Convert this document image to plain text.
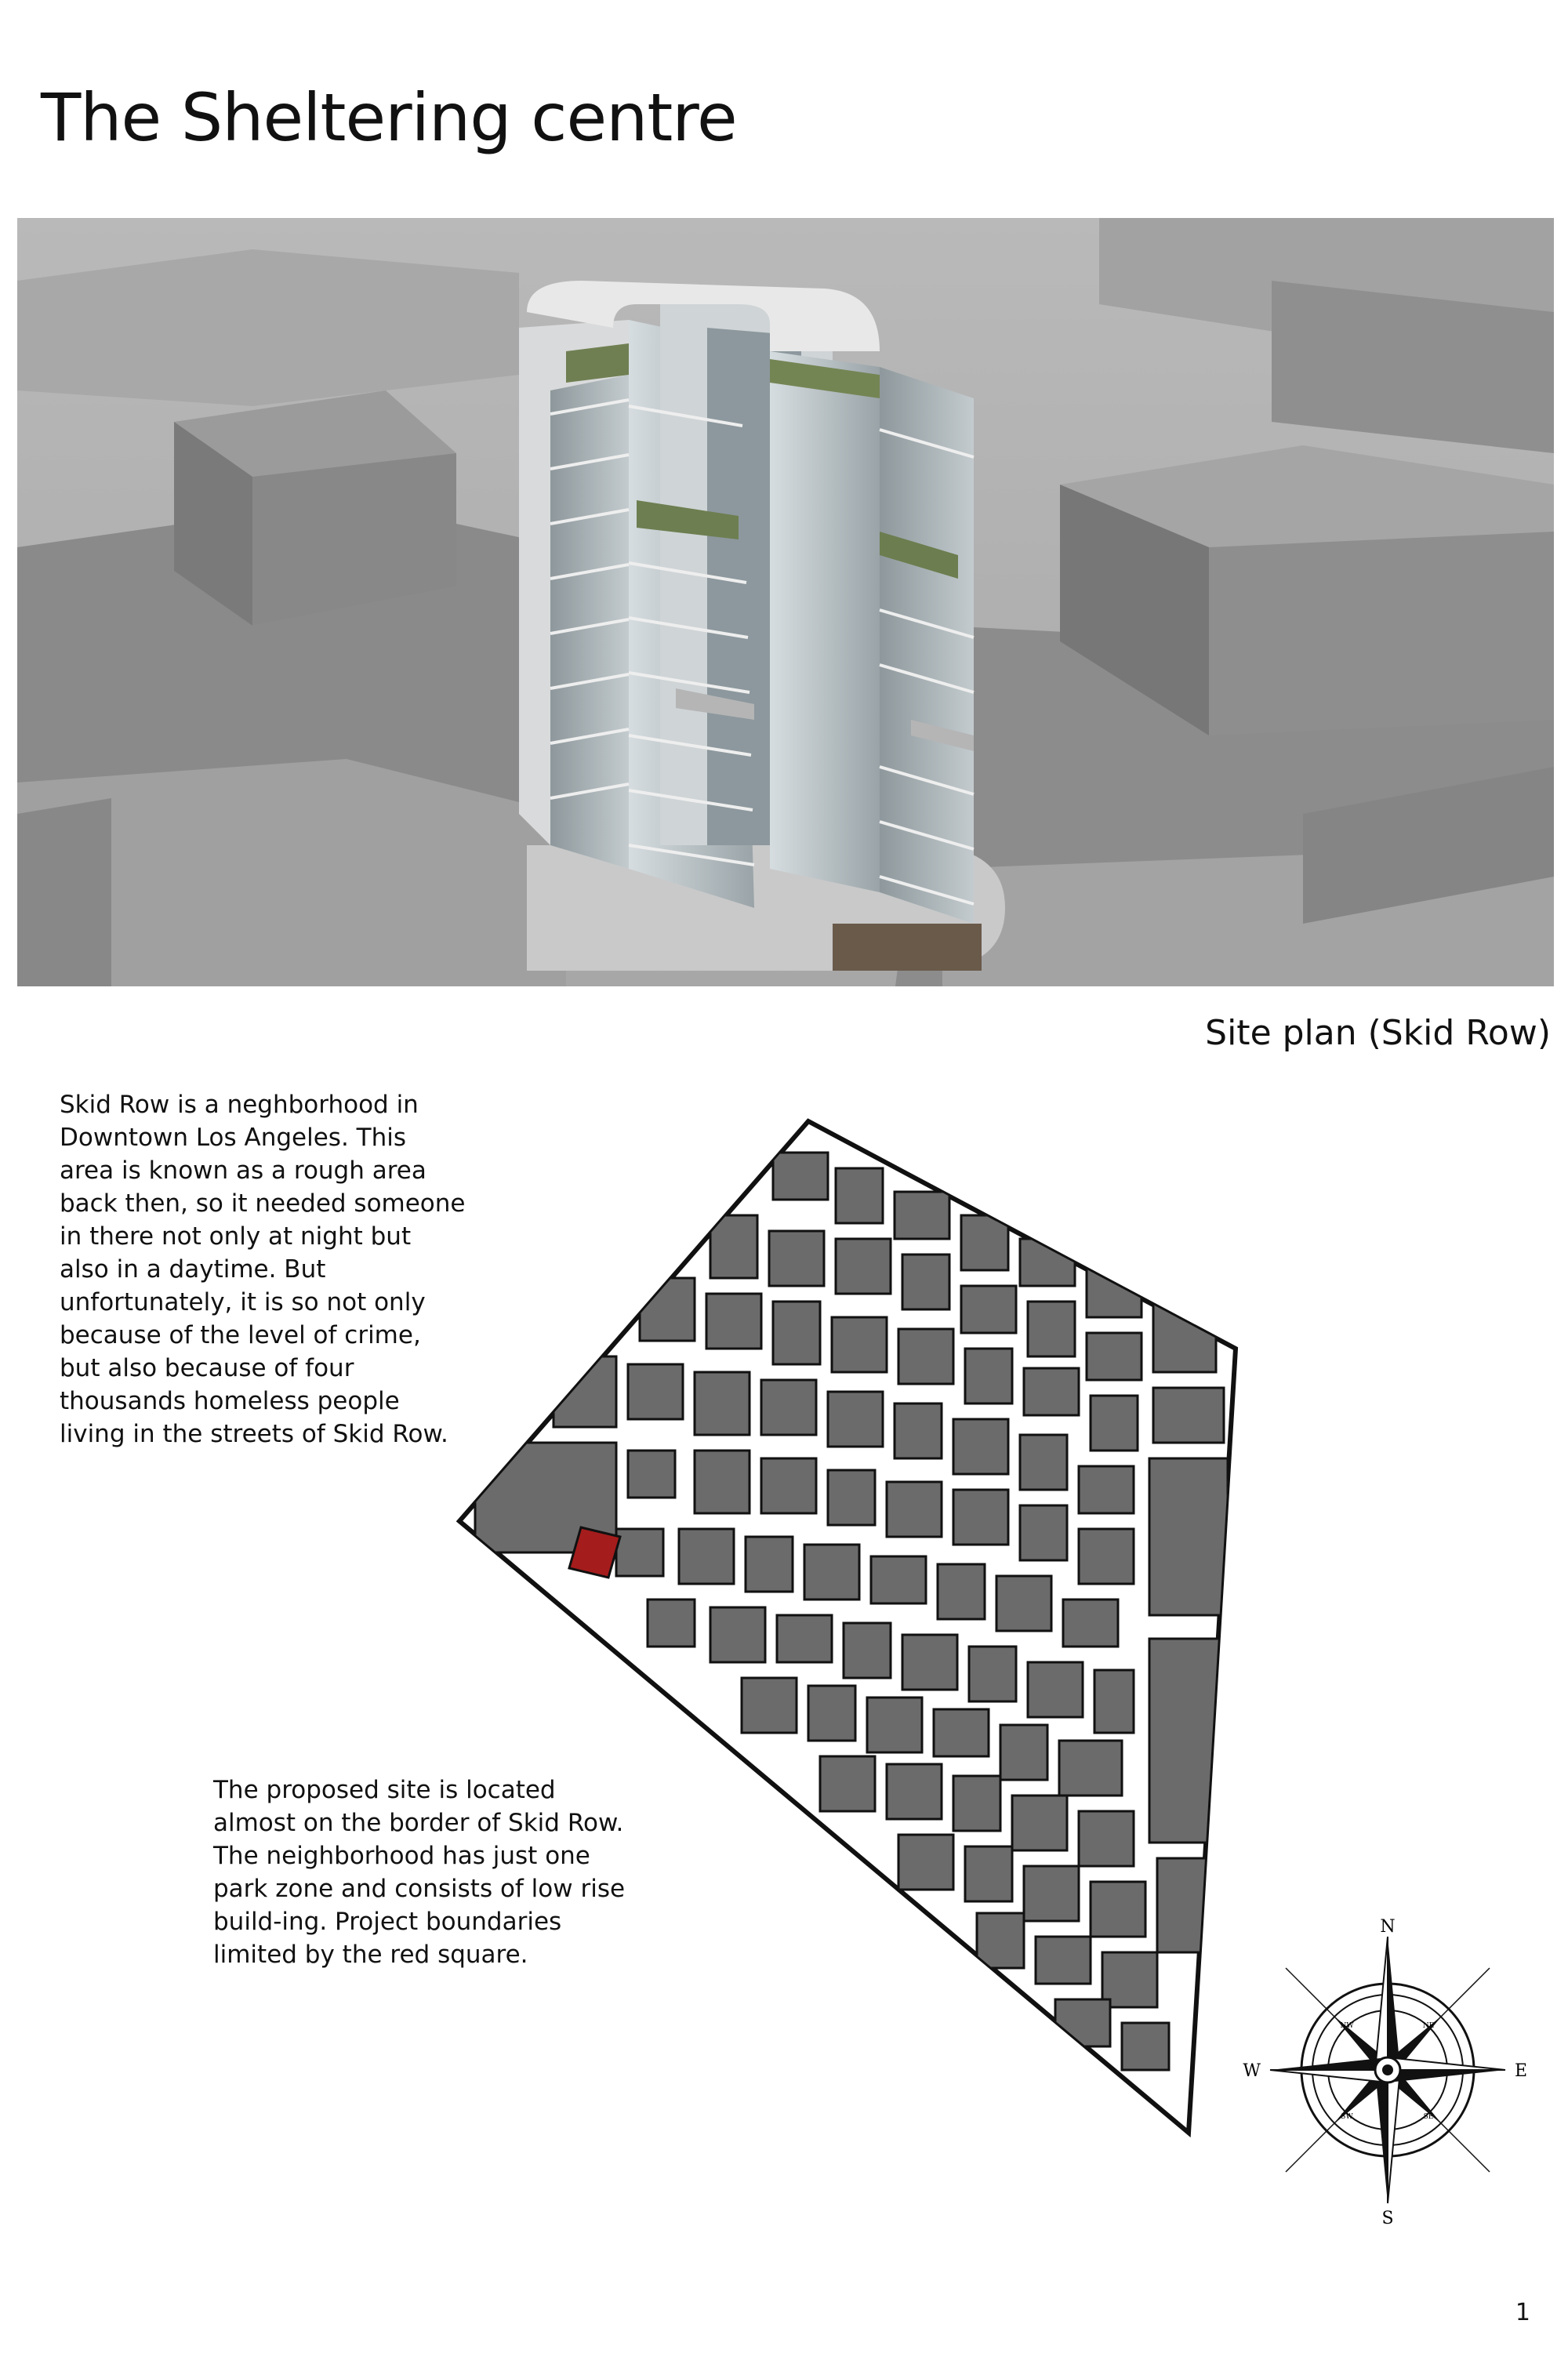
The Sheltering centre
Site plan (Skid Row)

Skid Row is a neghborhood in Downtown Los Angeles. This area is known as a rough area back then, so it needed someone in there not only at night but also in a daytime. But unfortunately, it is so not only because of the level of crime, but also because of four thousands homeless people living in the streets of Skid Row.

The proposed site is located almost on the border of Skid Row. The neighborhood has just one park zone and consists of low rise build-ing. Project boundaries limited by the red square.

N
S
E
W
NW	NE
SW	SE

1
